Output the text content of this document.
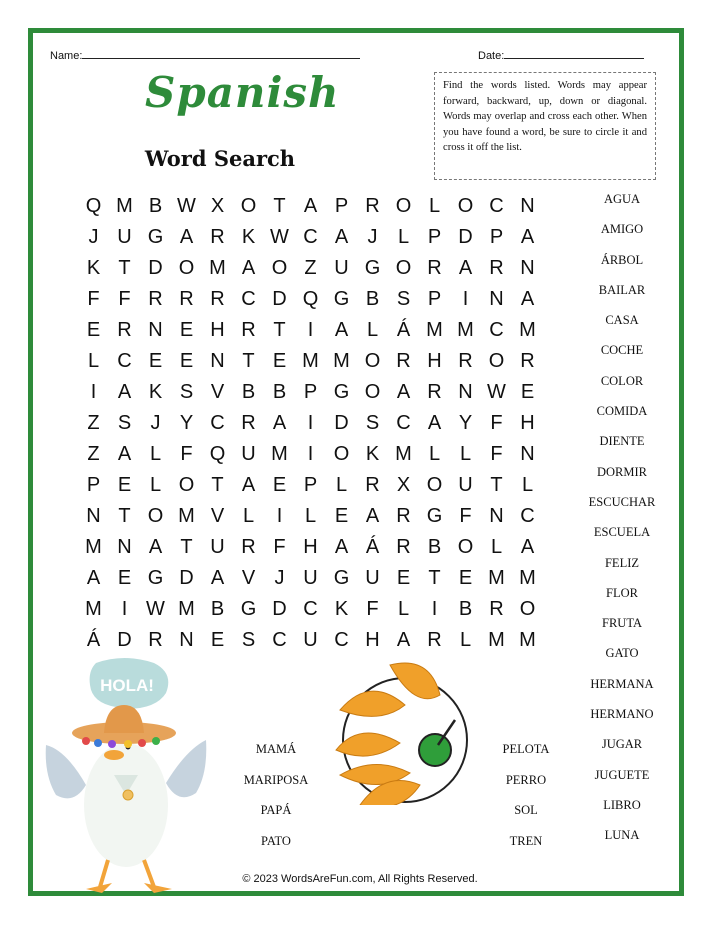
Name:	Date:
Spanish
Word Search
Find the words listed. Words may appear forward, backward, up, down or diagonal. Words may overlap and cross each other. When you have found a word, be sure to circle it and cross it off the list.
Q M B W X O T A P R O L O C N
J U G A R K W C A J	L P D P A
K T D O M A O Z U G O R A R N
F F R R R C D Q G B S P	I	N A
E R N E H R T	I	A L Á M M C M
L C E E N T E M M O R H R O R
I	A K S V B B P G O A R N W E
Z S J Y C R A	I	D S C A Y F H
Z A L F Q U M I	O K M L L F N
P E L O T A E P L R X O U T L
N T O M V L	I	L E A R G F N C
M N A T U R F H A Á R B O L A
A E G D A V J U G U E T E M M
M I W M B G D C K F L	I	B R O
Á D R N E S C U C H A R L M M
AGUA
AMIGO
ÁRBOL
BAILAR
CASA
COCHE
COLOR
COMIDA
DIENTE
DORMIR
ESCUCHAR
ESCUELA
FELIZ
FLOR
FRUTA
GATO
HERMANA
HERMANO
JUGAR
JUGUETE
LIBRO
LUNA
MAMÁ
MARIPOSA
PAPÁ
PATO
PELOTA
PERRO
SOL
TREN
HOLA!
© 2023 WordsAreFun.com, All Rights Reserved.
